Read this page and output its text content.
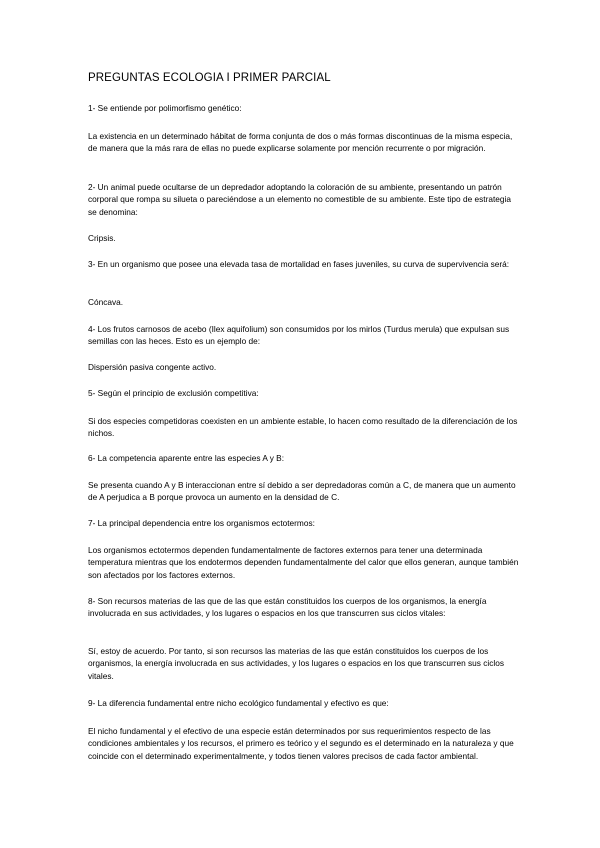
PREGUNTAS ECOLOGIA I PRIMER PARCIAL

1- Se entiende por polimorfismo genético:

La existencia en un determinado hábitat de forma conjunta de dos o más formas discontinuas de la misma especia, de manera que la más rara de ellas no puede explicarse solamente por mención recurrente o por migración.

2- Un animal puede ocultarse de un depredador adoptando la coloración de su ambiente, presentando un patrón corporal que rompa su silueta o pareciéndose a un elemento no comestible de su ambiente. Este tipo de estrategia se denomina:

Cripsis.

3- En un organismo que posee una elevada tasa de mortalidad en fases juveniles, su curva de supervivencia será:

Cóncava.

4- Los frutos carnosos de acebo (Ilex aquifolium) son consumidos por los mirlos (Turdus merula) que expulsan sus semillas con las heces. Esto es un ejemplo de:

Dispersión pasiva congente activo.

5- Según el principio de exclusión competitiva:

Si dos especies competidoras coexisten en un ambiente estable, lo hacen como resultado de la diferenciación de los nichos.

6- La competencia aparente entre las especies A y B:

Se presenta cuando A y B interaccionan entre sí debido a ser depredadoras común a C, de manera que un aumento de A perjudica a B porque provoca un aumento en la densidad de C.

7- La principal dependencia entre los organismos ectotermos:

Los organismos ectotermos dependen fundamentalmente de factores externos para tener una determinada temperatura mientras que los endotermos dependen fundamentalmente del calor que ellos generan, aunque también son afectados por los factores externos.

8- Son recursos materias de las que de las que están constituidos los cuerpos de los organismos, la energía involucrada en sus actividades, y los lugares o espacios en los que transcurren sus ciclos vitales:

Sí, estoy de acuerdo. Por tanto, si son recursos las materias de las que están constituidos los cuerpos de los organismos, la energía involucrada en sus actividades, y los lugares o espacios en los que transcurren sus ciclos vitales.

9- La diferencia fundamental entre nicho ecológico fundamental y efectivo es que:

El nicho fundamental y el efectivo de una especie están determinados por sus requerimientos respecto de las condiciones ambientales y los recursos, el primero es teórico y el segundo es el determinado en la naturaleza y que coincide con el determinado experimentalmente, y todos tienen valores precisos de cada factor ambiental.
